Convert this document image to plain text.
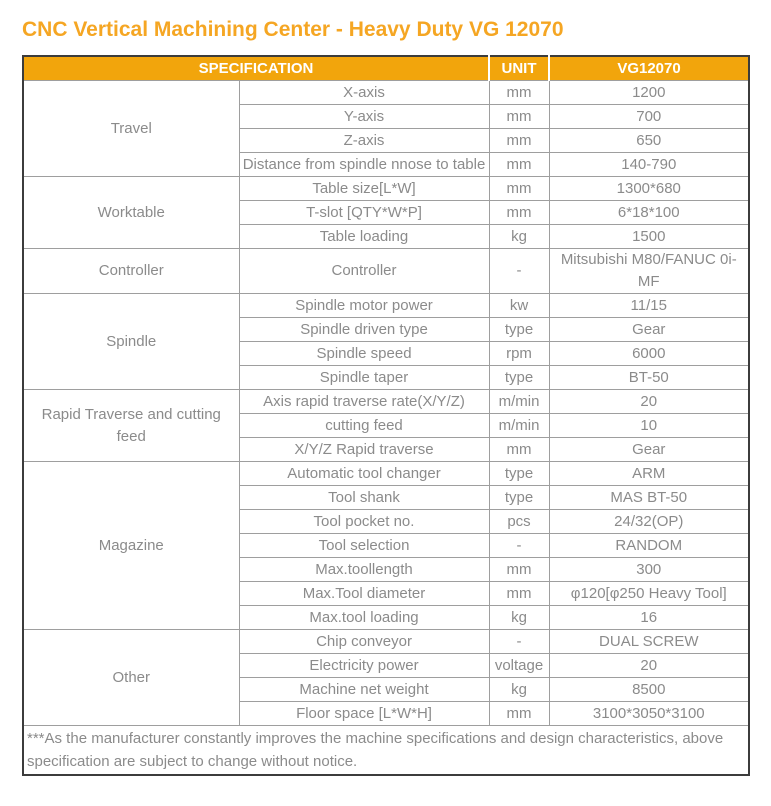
CNC Vertical Machining Center - Heavy Duty VG 12070
SPECIFICATION		UNIT	VG12070
Travel	X-axis	mm	1200
	Y-axis	mm	700
	Z-axis	mm	650
	Distance from spindle nnose to table	mm	140-790
Worktable	Table size[L*W]	mm	1300*680
	T-slot [QTY*W*P]	mm	6*18*100
	Table loading	kg	1500
Controller	Controller	-	Mitsubishi M80/FANUC 0i-MF
Spindle	Spindle motor power	kw	11/15
	Spindle driven type	type	Gear
	Spindle speed	rpm	6000
	Spindle taper	type	BT-50
Rapid Traverse and cutting feed	Axis rapid traverse rate(X/Y/Z)	m/min	20
	cutting feed	m/min	10
	X/Y/Z Rapid traverse	mm	Gear
Magazine	Automatic tool changer	type	ARM
	Tool shank	type	MAS BT-50
	Tool pocket no.	pcs	24/32(OP)
	Tool selection	-	RANDOM
	Max.toollength	mm	300
	Max.Tool diameter	mm	φ120[φ250 Heavy Tool]
	Max.tool loading	kg	16
Other	Chip conveyor	-	DUAL SCREW
	Electricity power	voltage	20
	Machine net weight	kg	8500
	Floor space [L*W*H]	mm	3100*3050*3100
***As the manufacturer constantly improves the machine specifications and design characteristics, above specification are subject to change without notice.			
